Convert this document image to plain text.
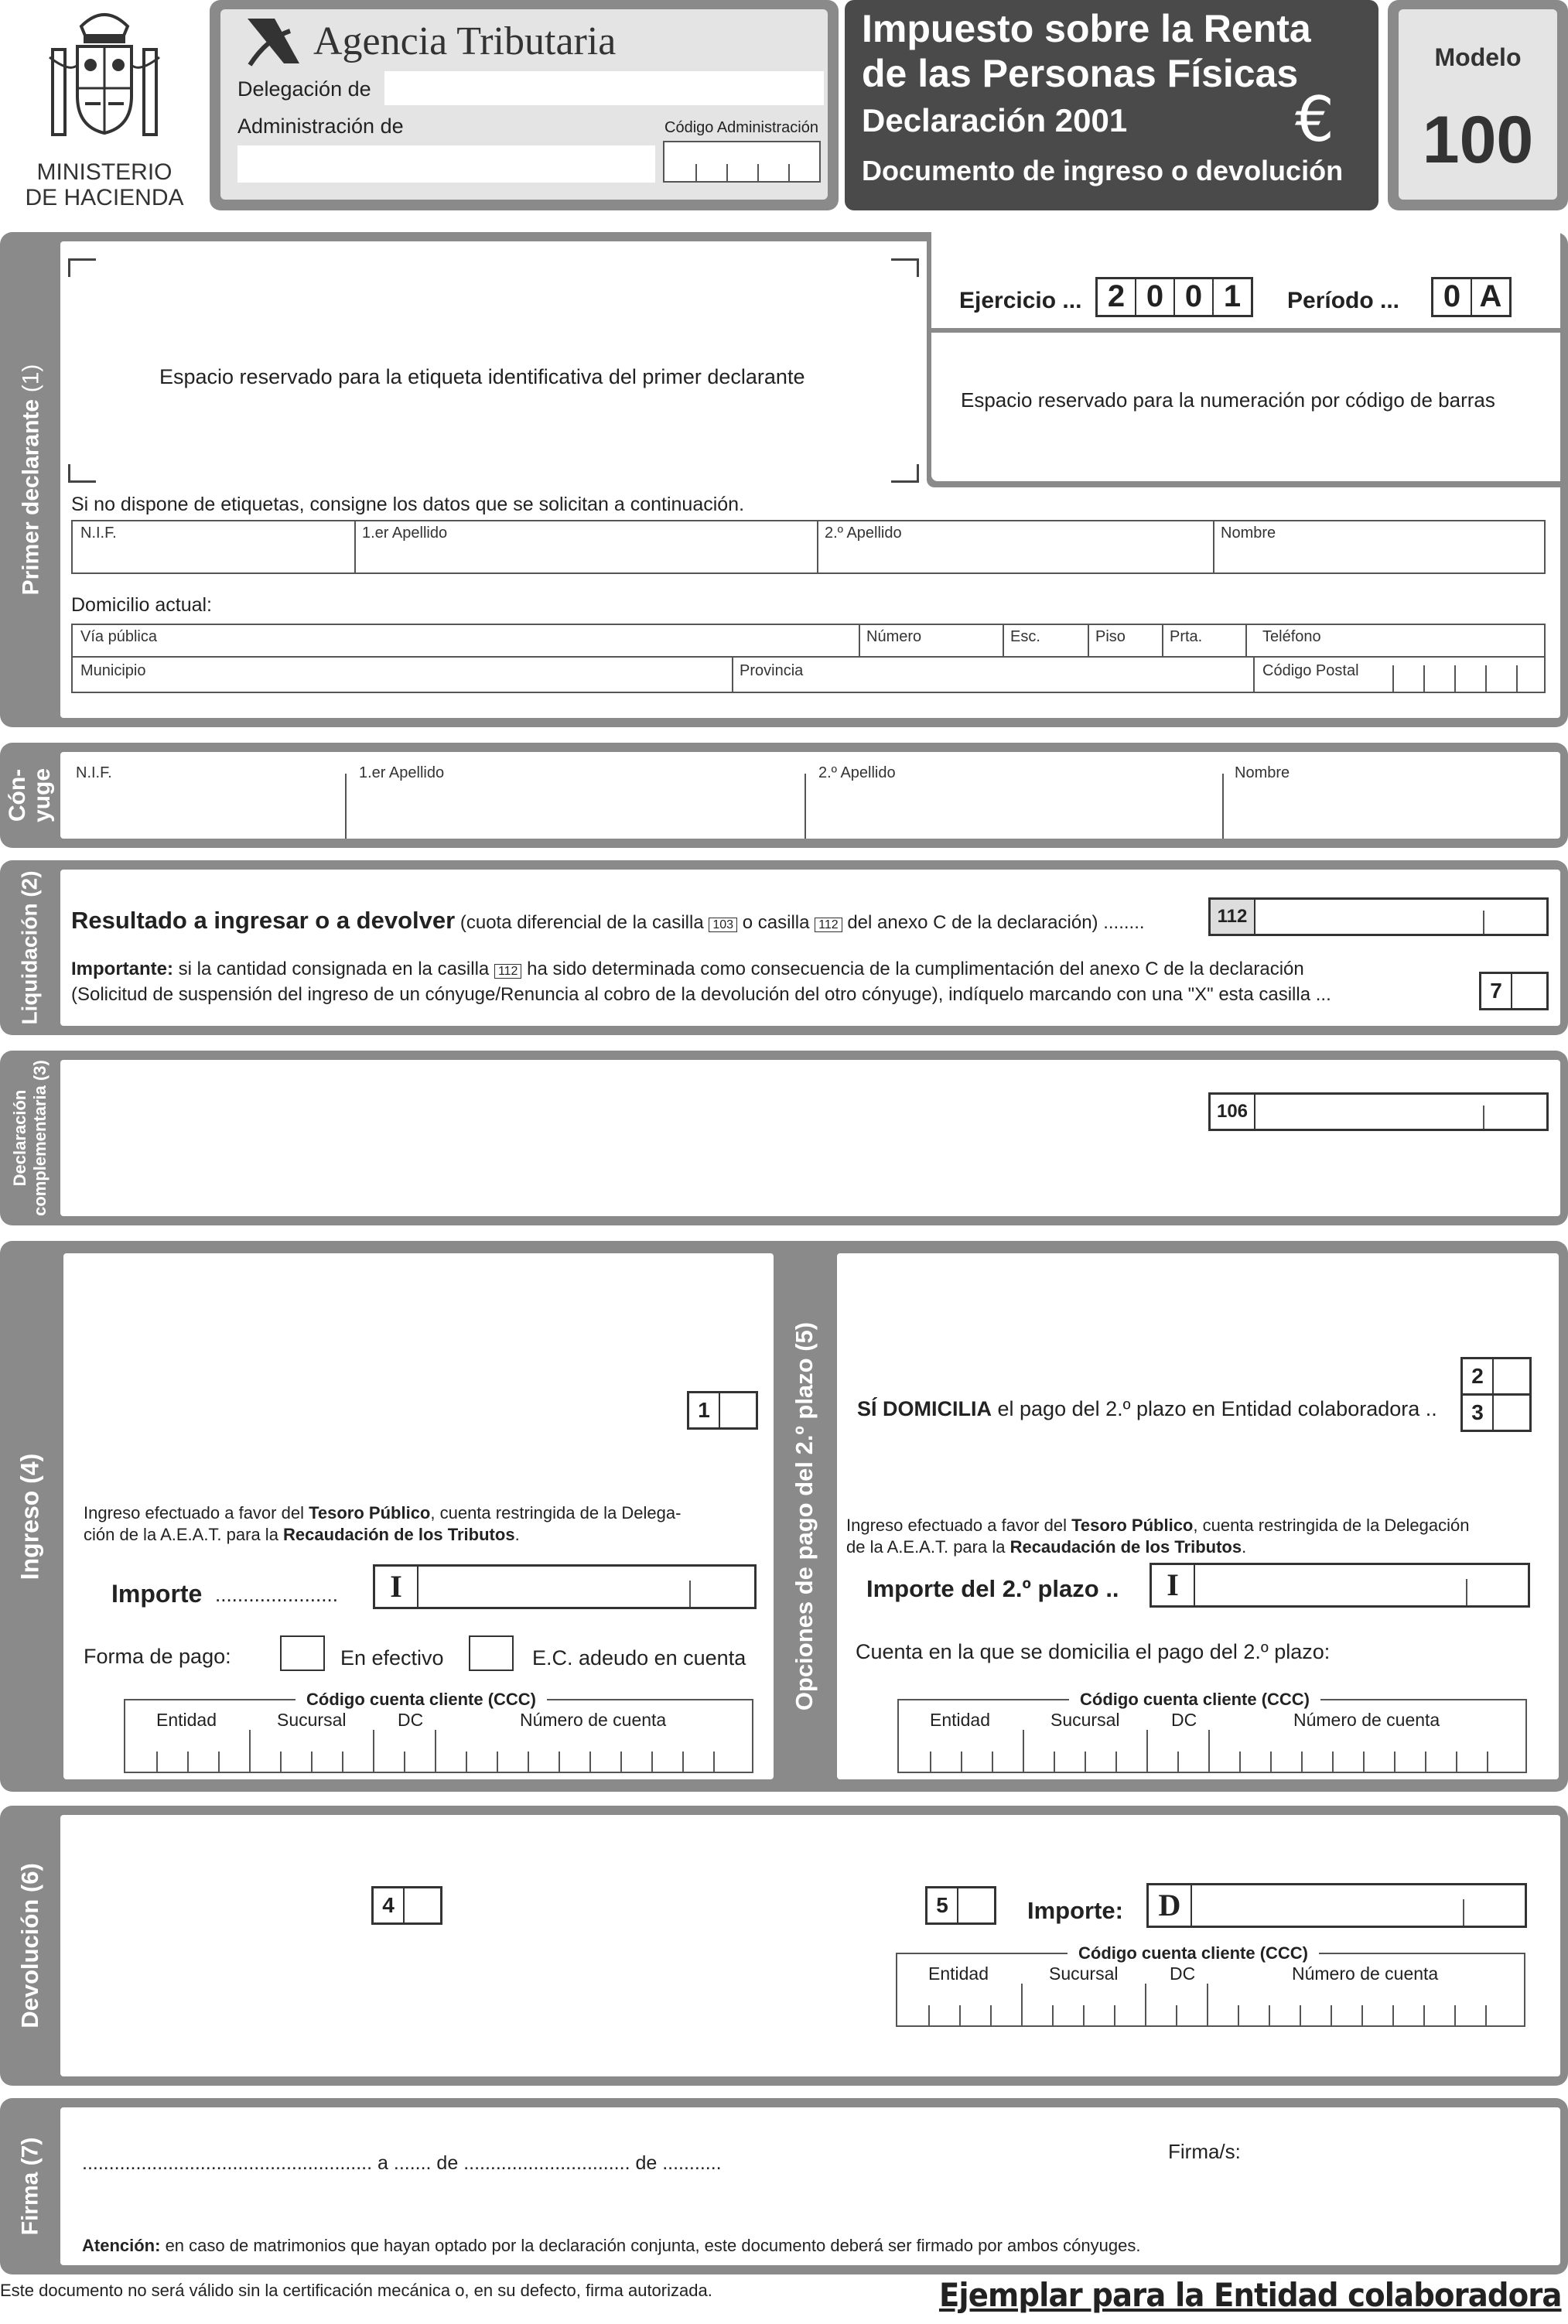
MINISTERIO
DE HACIENDA
Agencia Tributaria
Delegación de
Administración de	Código Administración
Impuesto sobre la Renta
de las Personas Físicas
Declaración 2001	€
Documento de ingreso o devolución
Modelo
100
Primer declarante (1)	Espacio reservado para la etiqueta identificativa del primer declarante
Ejercicio ... 2 0 0 1	Período ...	0 A
Espacio reservado para la numeración por código de barras
Si no dispone de etiquetas, consigne los datos que se solicitan a continuación.
N.I.F.	1.er Apellido	2.º Apellido	Nombre
Domicilio actual:
Vía pública	Número	Esc.	Piso	Prta.	Teléfono
Municipio	Provincia	Código Postal
Cón- yuge N.I.F.	1.er Apellido	2.º Apellido	Nombre
Liquidación (2) Resultado a ingresar o a devolver (cuota diferencial de la casilla 103 o casilla 112 del anexo C de la declaración) ........	112
Importante: si la cantidad consignada en la casilla 112 ha sido determinada como consecuencia de la cumplimentación del anexo C de la declaración
(Solicitud de suspensión del ingreso de un cónyuge/Renuncia al cobro de la devolución del otro cónyuge), indíquelo marcando con una "X" esta casilla ...	7
Declaración complementaria (3)	106
Ingreso (4)
1
Ingreso efectuado a favor del Tesoro Público, cuenta restringida de la Delega-
ción de la A.E.A.T. para la Recaudación de los Tributos.
Importe ......................	I
Forma de pago:	En efectivo	E.C. adeudo en cuenta
Código cuenta cliente (CCC)
Entidad	Sucursal	DC	Número de cuenta
Opciones de pago del 2.º plazo (5)	2
3
SÍ DOMICILIA el pago del 2.º plazo en Entidad colaboradora ..
Ingreso efectuado a favor del Tesoro Público, cuenta restringida de la Delegación
de la A.E.A.T. para la Recaudación de los Tributos.
Importe del 2.º plazo ..	I
Cuenta en la que se domicilia el pago del 2.º plazo:
Código cuenta cliente (CCC)
Entidad	Sucursal	DC	Número de cuenta
Devolución (6)	4	5	Importe:	D
Código cuenta cliente (CCC)
Entidad	Sucursal	DC	Número de cuenta
Firma (7) ...................................................... a ....... de ............................... de ...........	Firma/s:
Atención: en caso de matrimonios que hayan optado por la declaración conjunta, este documento deberá ser firmado por ambos cónyuges.
Este documento no será válido sin la certificación mecánica o, en su defecto, firma autorizada.	Ejemplar para la Entidad colaboradora
